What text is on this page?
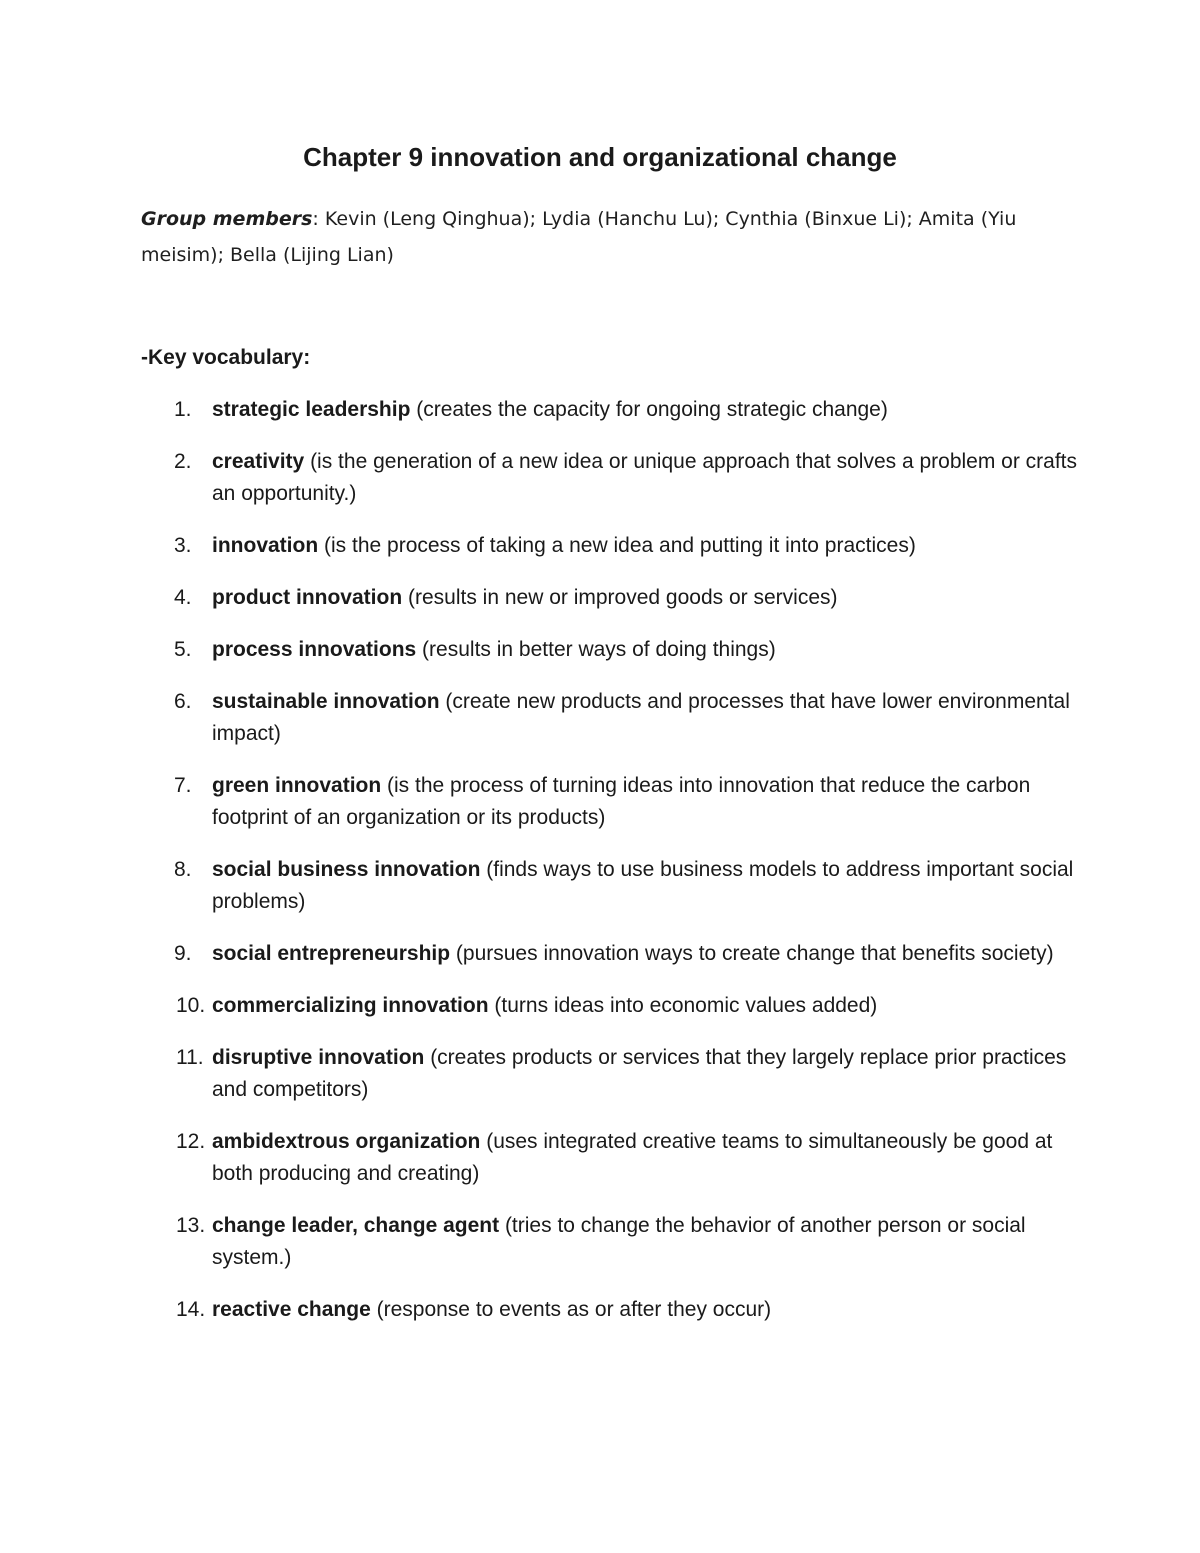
Chapter 9 innovation and organizational change
Group members: Kevin (Leng Qinghua); Lydia (Hanchu Lu); Cynthia (Binxue Li); Amita (Yiu meisim); Bella (Lijing Lian)
-Key vocabulary:
1. strategic leadership (creates the capacity for ongoing strategic change)
2. creativity (is the generation of a new idea or unique approach that solves a problem or crafts an opportunity.)
3. innovation (is the process of taking a new idea and putting it into practices)
4. product innovation (results in new or improved goods or services)
5. process innovations (results in better ways of doing things)
6. sustainable innovation (create new products and processes that have lower environmental impact)
7. green innovation (is the process of turning ideas into innovation that reduce the carbon footprint of an organization or its products)
8. social business innovation (finds ways to use business models to address important social problems)
9. social entrepreneurship (pursues innovation ways to create change that benefits society)
10. commercializing innovation (turns ideas into economic values added)
11. disruptive innovation (creates products or services that they largely replace prior practices and competitors)
12. ambidextrous organization (uses integrated creative teams to simultaneously be good at both producing and creating)
13. change leader, change agent (tries to change the behavior of another person or social system.)
14. reactive change (response to events as or after they occur)
